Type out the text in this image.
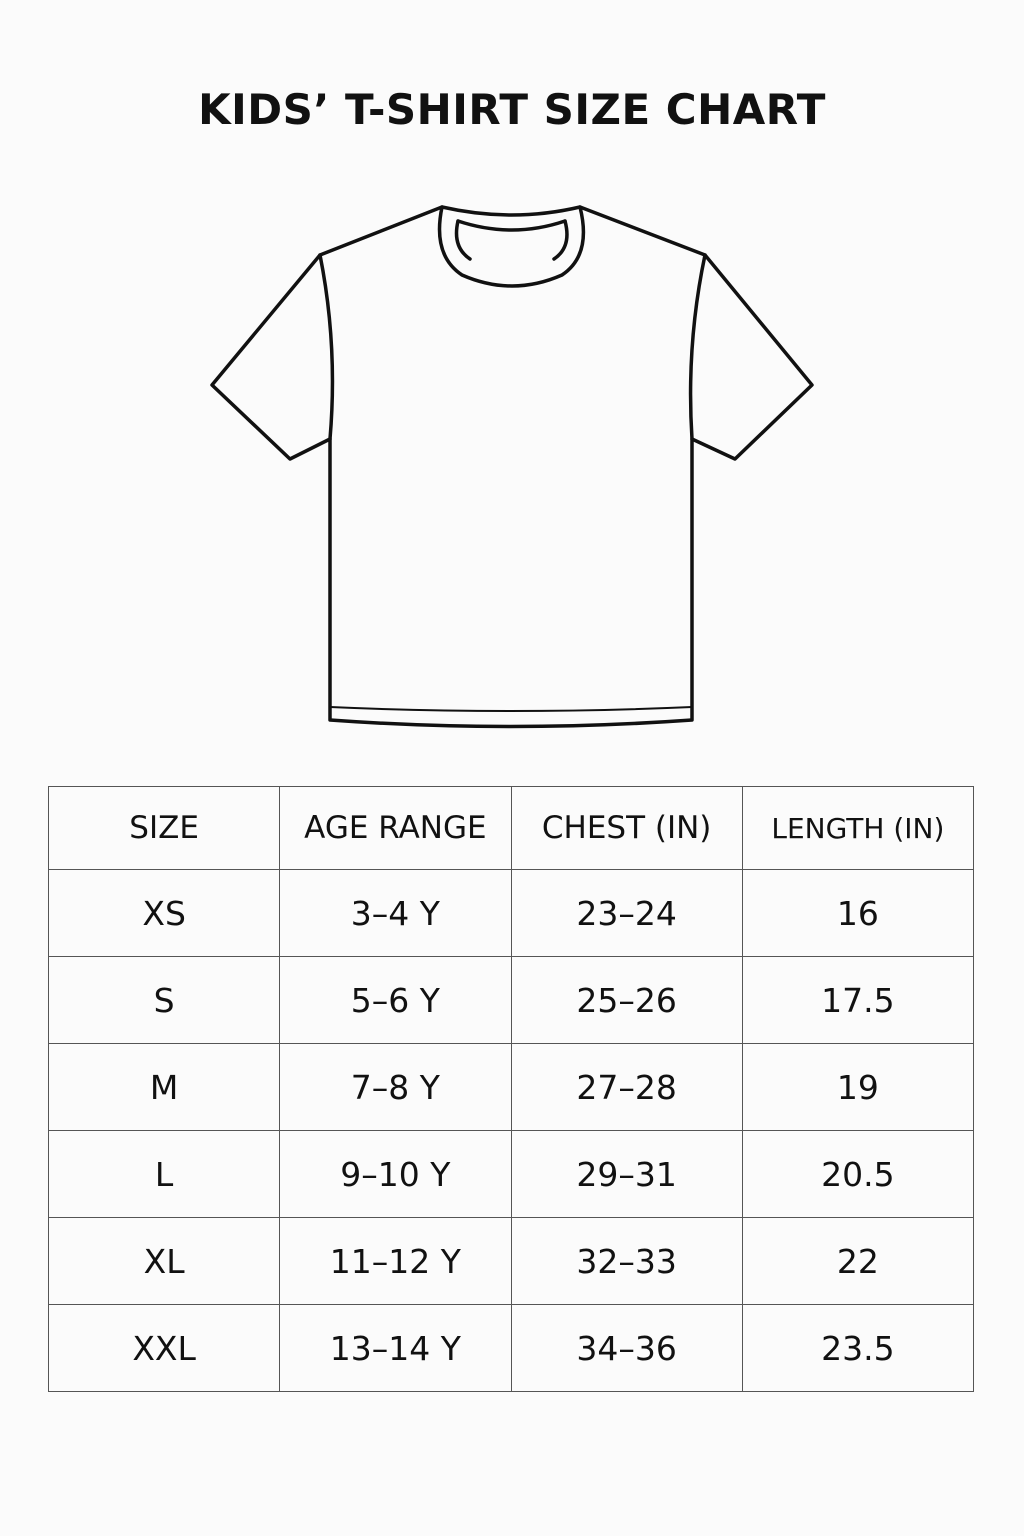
KIDS’ T-SHIRT SIZE CHART
SIZE	AGE RANGE	CHEST (IN)	LENGTH (IN)
XS	3–4 Y	23–24	16
S	5–6 Y	25–26	17.5
M	7–8 Y	27–28	19
L	9–10 Y	29–31	20.5
XL	11–12 Y	32–33	22
XXL	13–14 Y	34–36	23.5
